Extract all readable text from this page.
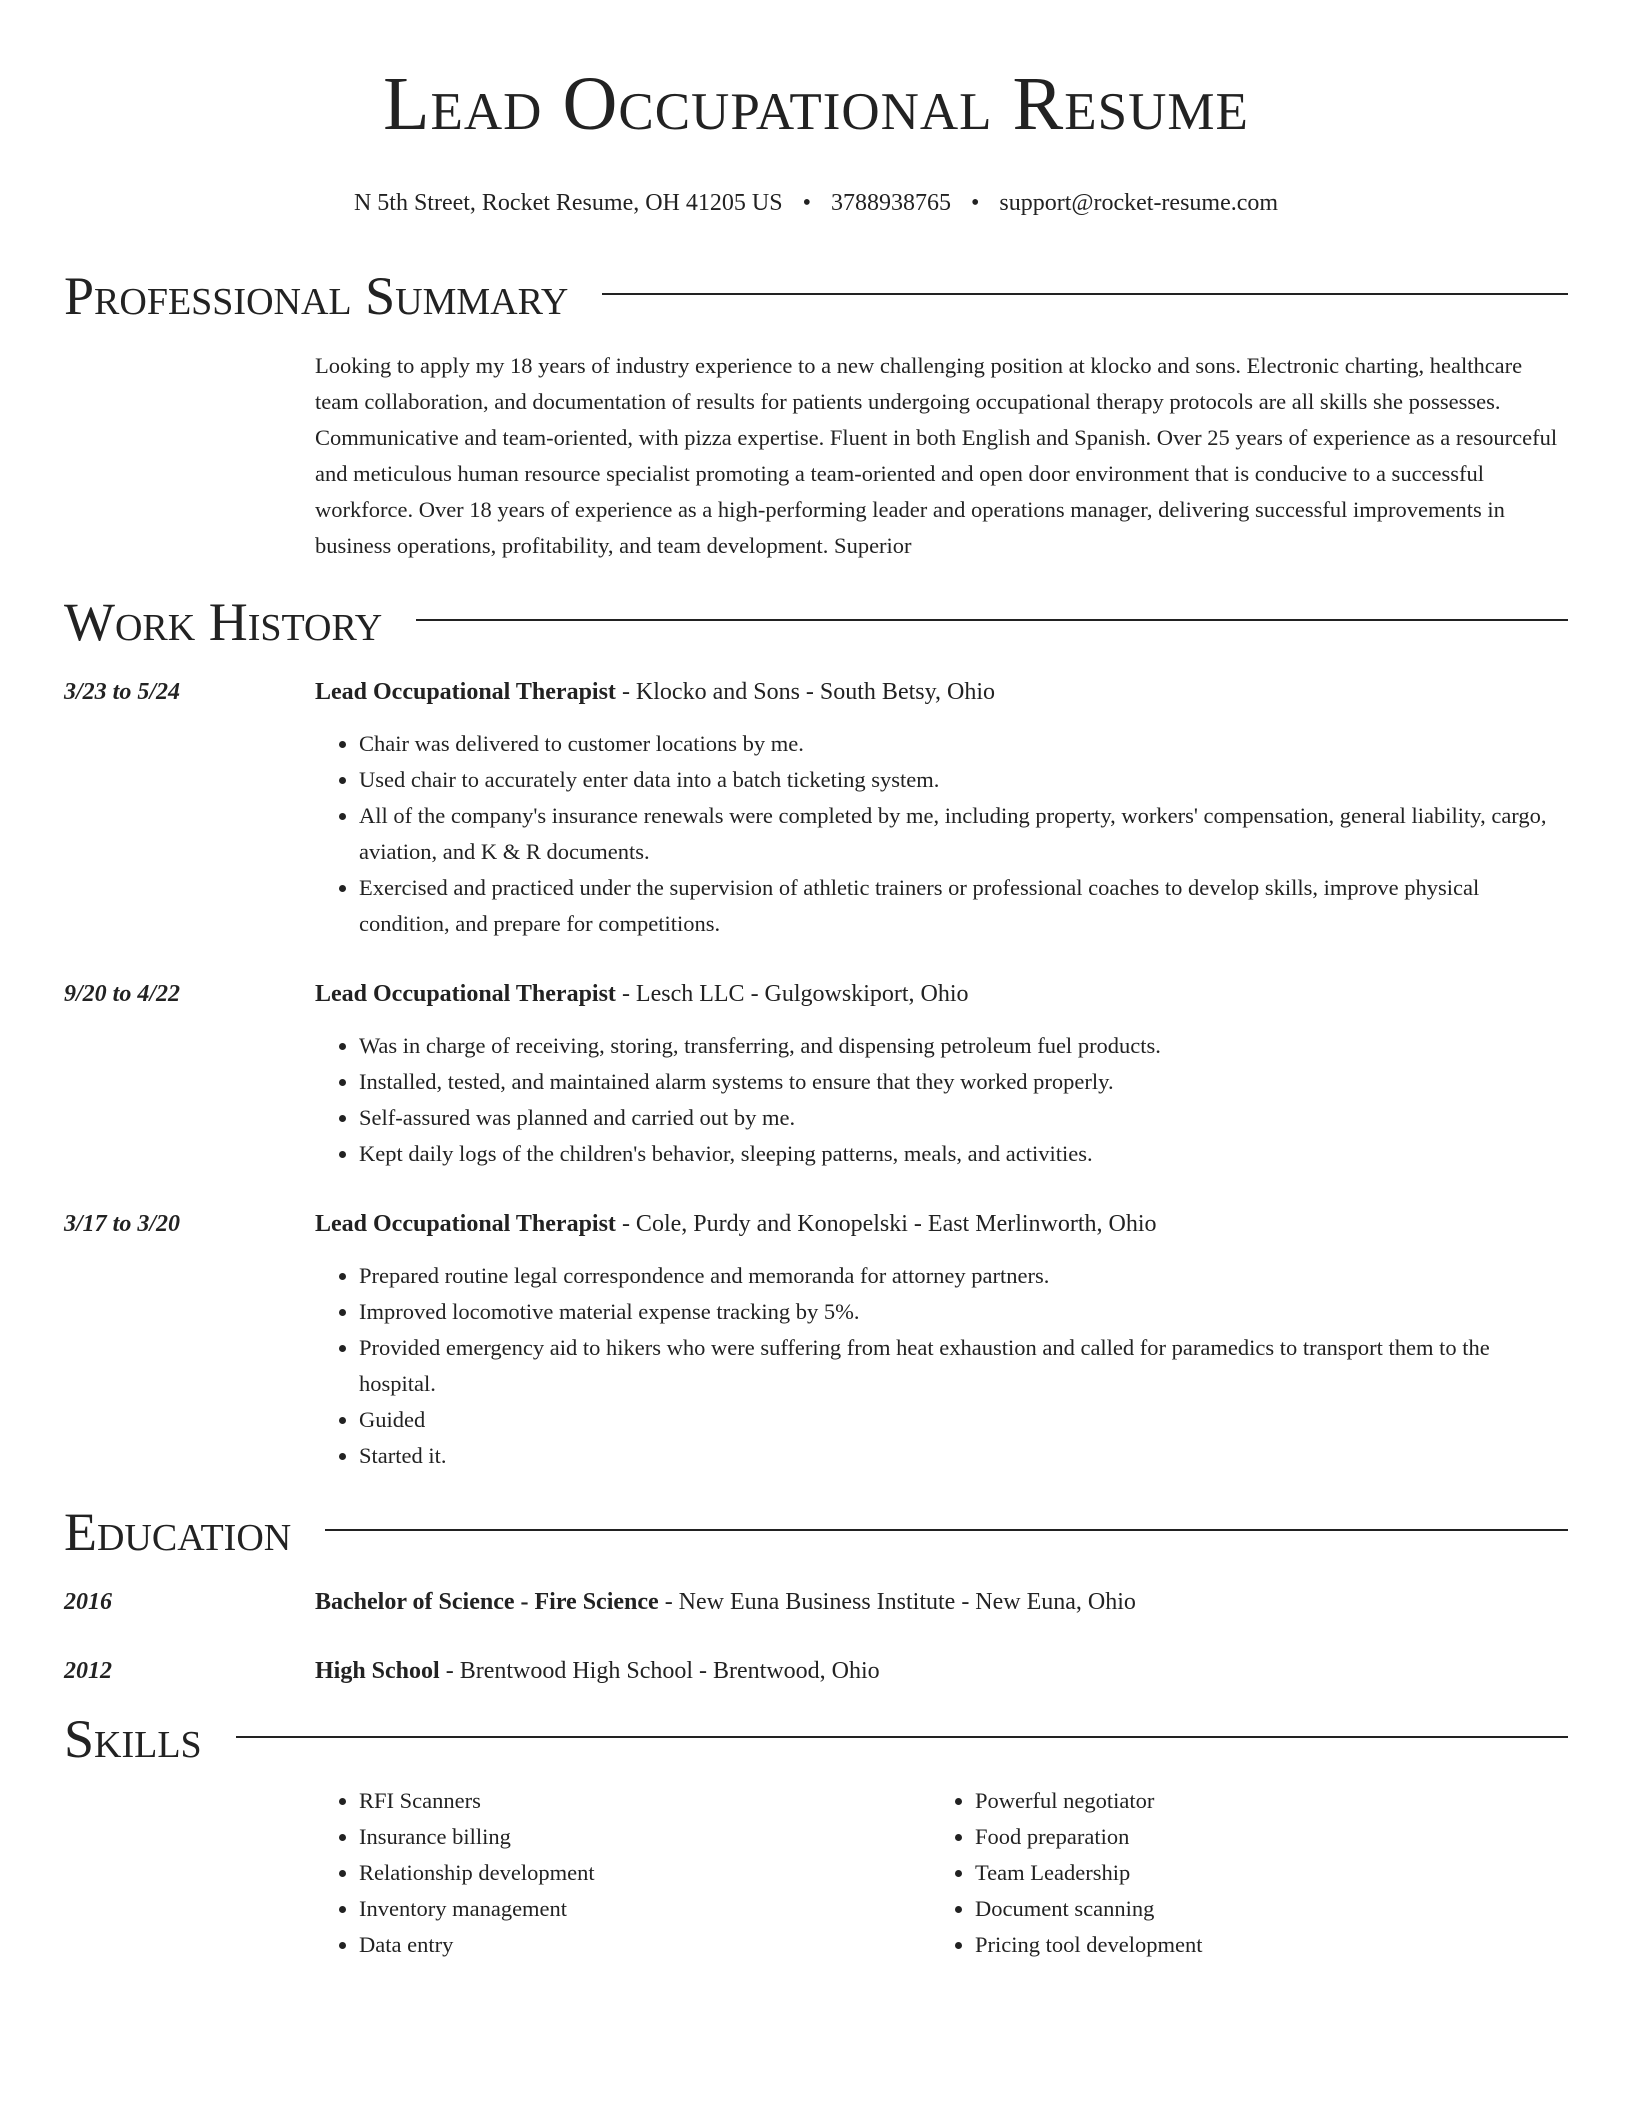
Lead Occupational Resume
N 5th Street, Rocket Resume, OH 41205 US • 3788938765 • support@rocket-resume.com
Professional Summary
Looking to apply my 18 years of industry experience to a new challenging position at klocko and sons. Electronic charting, healthcare team collaboration, and documentation of results for patients undergoing occupational therapy protocols are all skills she possesses. Communicative and team-oriented, with pizza expertise. Fluent in both English and Spanish. Over 25 years of experience as a resourceful and meticulous human resource specialist promoting a team-oriented and open door environment that is conducive to a successful workforce. Over 18 years of experience as a high-performing leader and operations manager, delivering successful improvements in business operations, profitability, and team development. Superior
Work History
3/23 to 5/24	Lead Occupational Therapist - Klocko and Sons - South Betsy, Ohio
• Chair was delivered to customer locations by me.
• Used chair to accurately enter data into a batch ticketing system.
• All of the company's insurance renewals were completed by me, including property, workers' compensation, general liability, cargo, aviation, and K & R documents.
• Exercised and practiced under the supervision of athletic trainers or professional coaches to develop skills, improve physical condition, and prepare for competitions.
9/20 to 4/22	Lead Occupational Therapist - Lesch LLC - Gulgowskiport, Ohio
• Was in charge of receiving, storing, transferring, and dispensing petroleum fuel products.
• Installed, tested, and maintained alarm systems to ensure that they worked properly.
• Self-assured was planned and carried out by me.
• Kept daily logs of the children's behavior, sleeping patterns, meals, and activities.
3/17 to 3/20	Lead Occupational Therapist - Cole, Purdy and Konopelski - East Merlinworth, Ohio
• Prepared routine legal correspondence and memoranda for attorney partners.
• Improved locomotive material expense tracking by 5%.
• Provided emergency aid to hikers who were suffering from heat exhaustion and called for paramedics to transport them to the hospital.
• Guided
• Started it.
Education
2016	Bachelor of Science - Fire Science - New Euna Business Institute - New Euna, Ohio
2012	High School - Brentwood High School - Brentwood, Ohio
Skills
• RFI Scanners
• Insurance billing
• Relationship development
• Inventory management
• Data entry
• Powerful negotiator
• Food preparation
• Team Leadership
• Document scanning
• Pricing tool development
